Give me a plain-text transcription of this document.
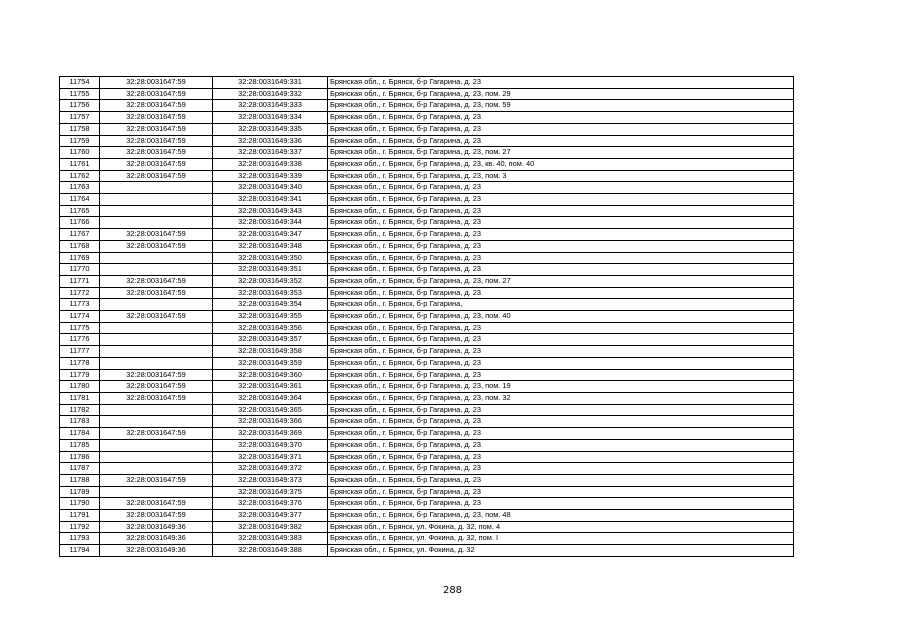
11754	32:28:0031647:59	32:28:0031649:331	Брянская обл., г. Брянск, б-р Гагарина, д. 23
11755	32:28:0031647:59	32:28:0031649:332	Брянская обл., г. Брянск, б-р Гагарина, д. 23, пом. 29
11756	32:28:0031647:59	32:28:0031649:333	Брянская обл., г. Брянск, б-р Гагарина, д. 23, пом. 59
11757	32:28:0031647:59	32:28:0031649:334	Брянская обл., г. Брянск, б-р Гагарина, д. 23
11758	32:28:0031647:59	32:28:0031649:335	Брянская обл., г. Брянск, б-р Гагарина, д. 23
11759	32:28:0031647:59	32:28:0031649:336	Брянская обл., г. Брянск, б-р Гагарина, д. 23
11760	32:28:0031647:59	32:28:0031649:337	Брянская обл., г. Брянск, б-р Гагарина, д. 23, пом. 27
11761	32:28:0031647:59	32:28:0031649:338	Брянская обл., г. Брянск, б-р Гагарина, д. 23, кв. 40, пом. 40
11762	32:28:0031647:59	32:28:0031649:339	Брянская обл., г. Брянск, б-р Гагарина, д. 23, пом. 3
11763		32:28:0031649:340	Брянская обл., г. Брянск, б-р Гагарина, д. 23
11764		32:28:0031649:341	Брянская обл., г. Брянск, б-р Гагарина, д. 23
11765		32:28:0031649:343	Брянская обл., г. Брянск, б-р Гагарина, д. 23
11766		32:28:0031649:344	Брянская обл., г. Брянск, б-р Гагарина, д. 23
11767	32:28:0031647:59	32:28:0031649:347	Брянская обл., г. Брянск, б-р Гагарина, д. 23
11768	32:28:0031647:59	32:28:0031649:348	Брянская обл., г. Брянск, б-р Гагарина, д. 23
11769		32:28:0031649:350	Брянская обл., г. Брянск, б-р Гагарина, д. 23
11770		32:28:0031649:351	Брянская обл., г. Брянск, б-р Гагарина, д. 23
11771	32:28:0031647:59	32:28:0031649:352	Брянская обл., г. Брянск, б-р Гагарина, д. 23, пом. 27
11772	32:28:0031647:59	32:28:0031649:353	Брянская обл., г. Брянск, б-р Гагарина, д. 23
11773		32:28:0031649:354	Брянская обл., г. Брянск, б-р Гагарина,
11774	32:28:0031647:59	32:28:0031649:355	Брянская обл., г. Брянск, б-р Гагарина, д. 23, пом. 40
11775		32:28:0031649:356	Брянская обл., г. Брянск, б-р Гагарина, д. 23
11776		32:28:0031649:357	Брянская обл., г. Брянск, б-р Гагарина, д. 23
11777		32:28:0031649:358	Брянская обл., г. Брянск, б-р Гагарина, д. 23
11778		32:28:0031649:359	Брянская обл., г. Брянск, б-р Гагарина, д. 23
11779	32:28:0031647:59	32:28:0031649:360	Брянская обл., г. Брянск, б-р Гагарина, д. 23
11780	32:28:0031647:59	32:28:0031649:361	Брянская обл., г. Брянск, б-р Гагарина, д. 23, пом. 19
11781	32:28:0031647:59	32:28:0031649:364	Брянская обл., г. Брянск, б-р Гагарина, д. 23, пом. 32
11782		32:28:0031649:365	Брянская обл., г. Брянск, б-р Гагарина, д. 23
11783		32:28:0031649:366	Брянская обл., г. Брянск, б-р Гагарина, д. 23
11784	32:28:0031647:59	32:28:0031649:369	Брянская обл., г. Брянск, б-р Гагарина, д. 23
11785		32:28:0031649:370	Брянская обл., г. Брянск, б-р Гагарина, д. 23
11786		32:28:0031649:371	Брянская обл., г. Брянск, б-р Гагарина, д. 23
11787		32:28:0031649:372	Брянская обл., г. Брянск, б-р Гагарина, д. 23
11788	32:28:0031647:59	32:28:0031649:373	Брянская обл., г. Брянск, б-р Гагарина, д. 23
11789		32:28:0031649:375	Брянская обл., г. Брянск, б-р Гагарина, д. 23
11790	32:28:0031647:59	32:28:0031649:376	Брянская обл., г. Брянск, б-р Гагарина, д. 23
11791	32:28:0031647:59	32:28:0031649:377	Брянская обл., г. Брянск, б-р Гагарина, д. 23, пом. 48
11792	32:28:0031649:36	32:28:0031649:382	Брянская обл., г. Брянск, ул. Фокина, д. 32, пом. 4
11793	32:28:0031649:36	32:28:0031649:383	Брянская обл., г. Брянск, ул. Фокина, д. 32, пом. I
11794	32:28:0031649:36	32:28:0031649:388	Брянская обл., г. Брянск, ул. Фокина, д. 32
288
